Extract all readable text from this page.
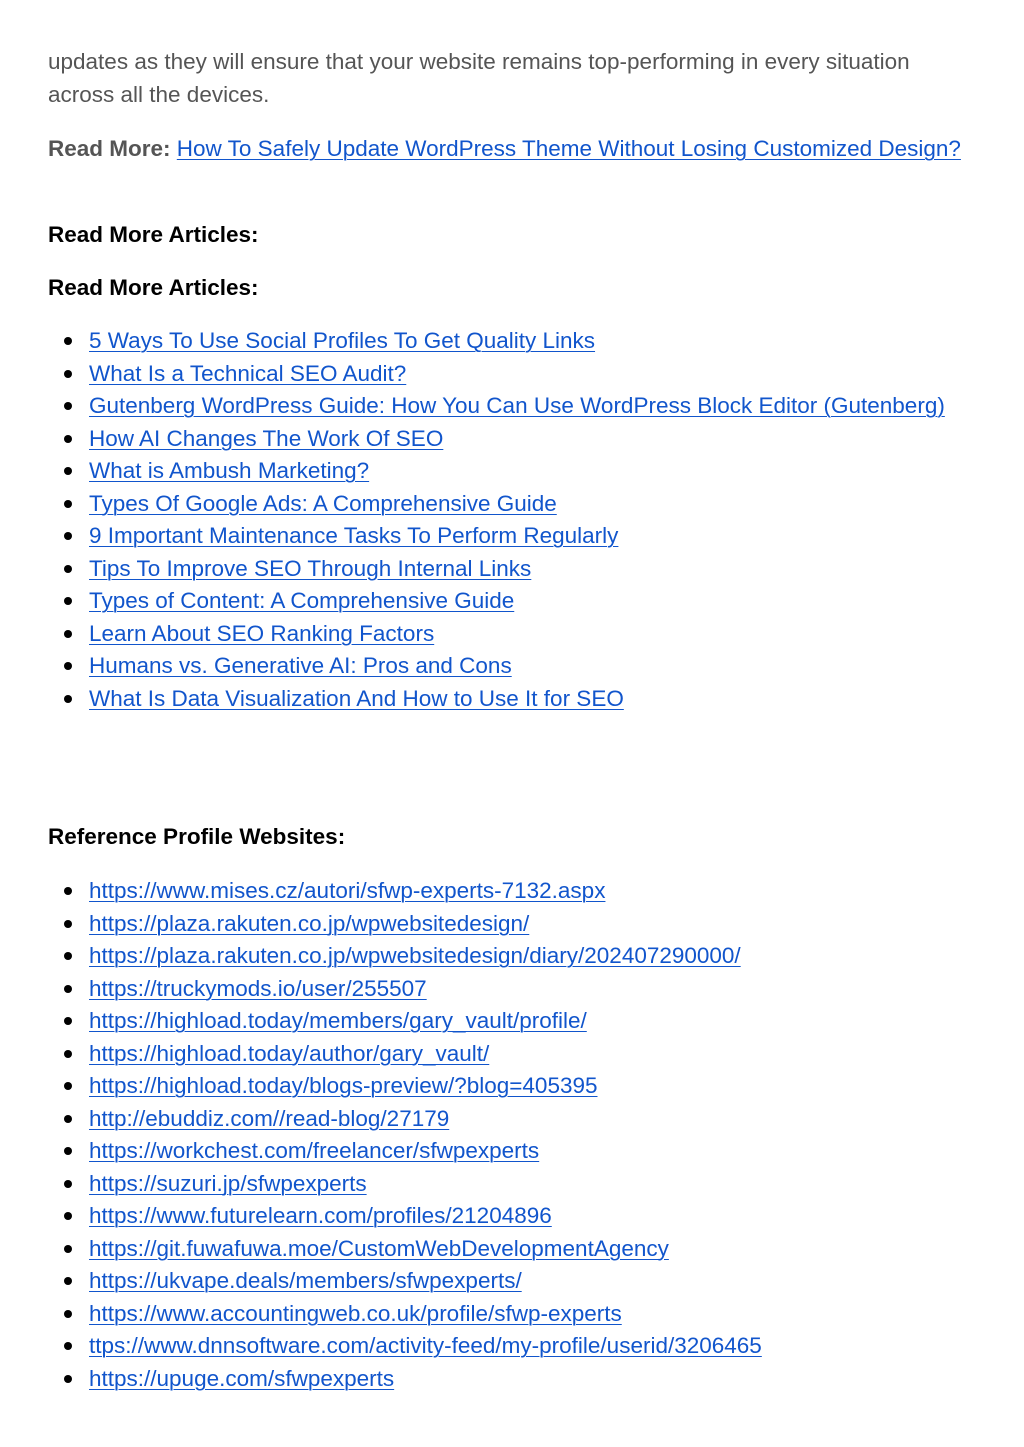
updates as they will ensure that your website remains top-performing in every situation across all the devices.

Read More: How To Safely Update WordPress Theme Without Losing Customized Design?

Read More Articles:
Read More Articles:
5 Ways To Use Social Profiles To Get Quality Links
What Is a Technical SEO Audit?
Gutenberg WordPress Guide: How You Can Use WordPress Block Editor (Gutenberg)
How AI Changes The Work Of SEO
What is Ambush Marketing?
Types Of Google Ads: A Comprehensive Guide
9 Important Maintenance Tasks To Perform Regularly
Tips To Improve SEO Through Internal Links
Types of Content: A Comprehensive Guide
Learn About SEO Ranking Factors
Humans vs. Generative AI: Pros and Cons
What Is Data Visualization And How to Use It for SEO
Reference Profile Websites:
https://www.mises.cz/autori/sfwp-experts-7132.aspx
https://plaza.rakuten.co.jp/wpwebsitedesign/
https://plaza.rakuten.co.jp/wpwebsitedesign/diary/202407290000/
https://truckymods.io/user/255507
https://highload.today/members/gary_vault/profile/
https://highload.today/author/gary_vault/
https://highload.today/blogs-preview/?blog=405395
http://ebuddiz.com//read-blog/27179
https://workchest.com/freelancer/sfwpexperts
https://suzuri.jp/sfwpexperts
https://www.futurelearn.com/profiles/21204896
https://git.fuwafuwa.moe/CustomWebDevelopmentAgency
https://ukvape.deals/members/sfwpexperts/
https://www.accountingweb.co.uk/profile/sfwp-experts
ttps://www.dnnsoftware.com/activity-feed/my-profile/userid/3206465
https://upuge.com/sfwpexperts
